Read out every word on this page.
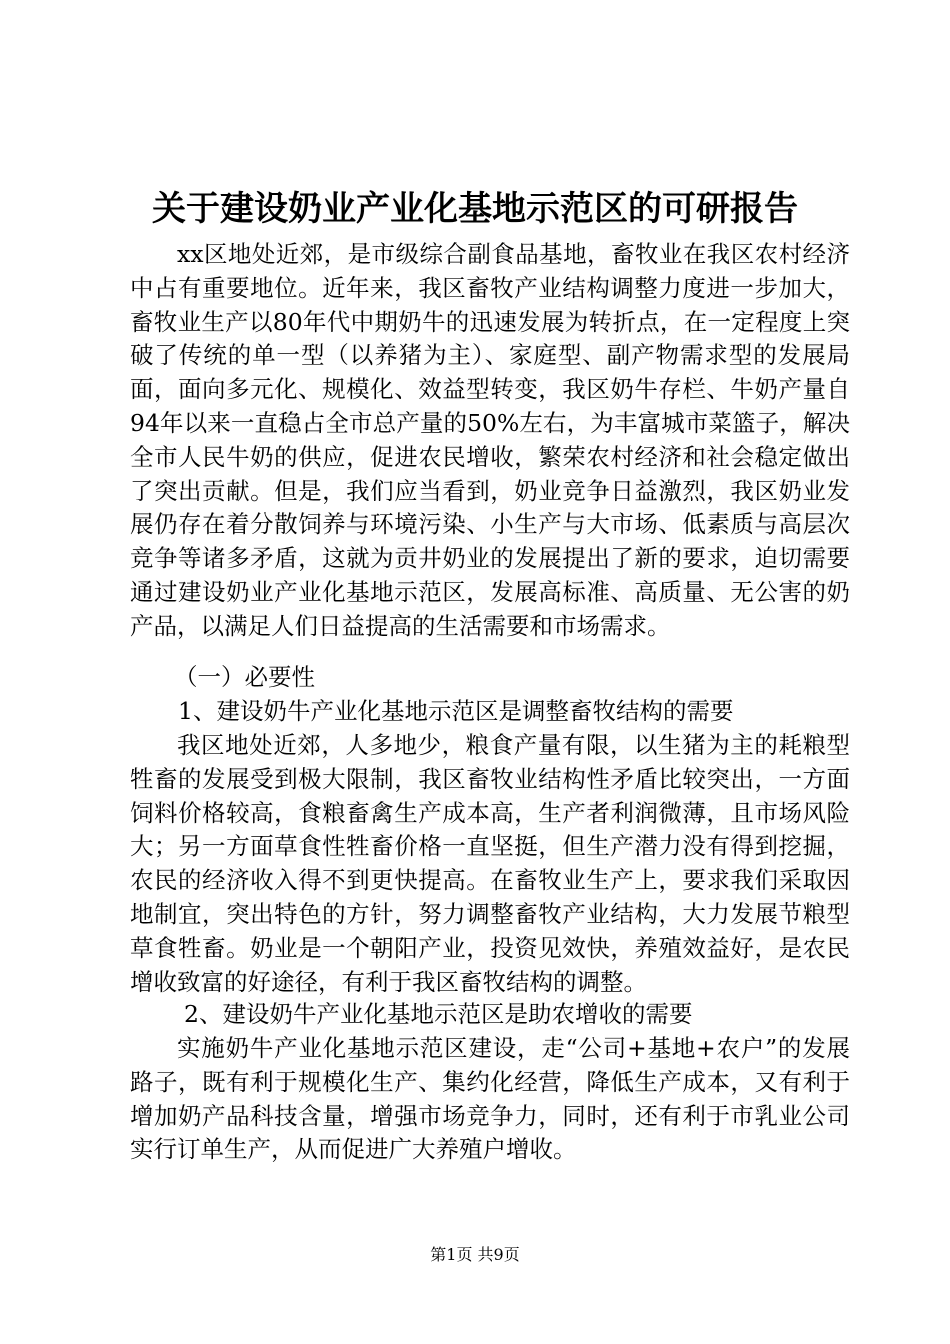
关于建设奶业产业化基地示范区的可研报告

xx区地处近郊，是市级综合副食品基地，畜牧业在我区农村经济中占有重要地位。近年来，我区畜牧产业结构调整力度进一步加大，畜牧业生产以80年代中期奶牛的迅速发展为转折点，在一定程度上突破了传统的单一型（以养猪为主）、家庭型、副产物需求型的发展局面，面向多元化、规模化、效益型转变，我区奶牛存栏、牛奶产量自94年以来一直稳占全市总产量的50%左右，为丰富城市菜篮子，解决全市人民牛奶的供应，促进农民增收，繁荣农村经济和社会稳定做出了突出贡献。但是，我们应当看到，奶业竞争日益激烈，我区奶业发展仍存在着分散饲养与环境污染、小生产与大市场、低素质与高层次竞争等诸多矛盾，这就为贡井奶业的发展提出了新的要求，迫切需要通过建设奶业产业化基地示范区，发展高标准、高质量、无公害的奶产品，以满足人们日益提高的生活需要和市场需求。

（一）必要性
1、建设奶牛产业化基地示范区是调整畜牧结构的需要

我区地处近郊，人多地少，粮食产量有限，以生猪为主的耗粮型牲畜的发展受到极大限制，我区畜牧业结构性矛盾比较突出，一方面饲料价格较高，食粮畜禽生产成本高，生产者利润微薄，且市场风险大；另一方面草食性牲畜价格一直坚挺，但生产潜力没有得到挖掘，农民的经济收入得不到更快提高。在畜牧业生产上，要求我们采取因地制宜，突出特色的方针，努力调整畜牧产业结构，大力发展节粮型草食牲畜。奶业是一个朝阳产业，投资见效快，养殖效益好，是农民增收致富的好途径，有利于我区畜牧结构的调整。

2、建设奶牛产业化基地示范区是助农增收的需要

实施奶牛产业化基地示范区建设，走“公司+基地+农户”的发展路子，既有利于规模化生产、集约化经营，降低生产成本，又有利于增加奶产品科技含量，增强市场竞争力，同时，还有利于市乳业公司实行订单生产，从而促进广大养殖户增收。

第1页 共9页
